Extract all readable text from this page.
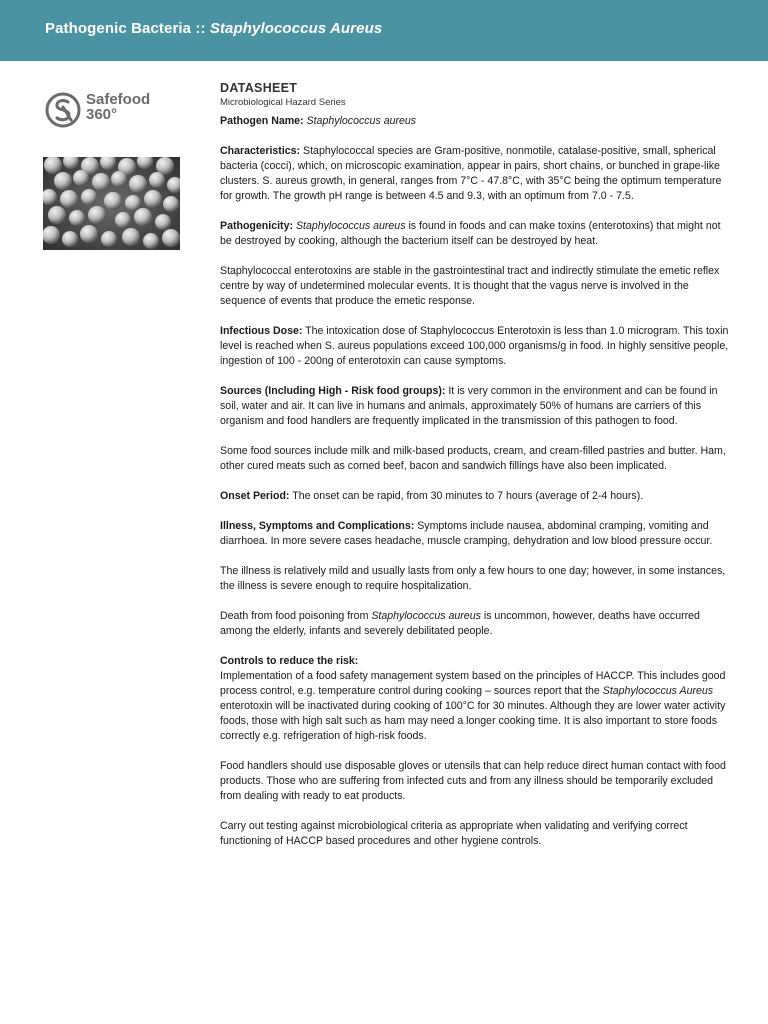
Pathogenic Bacteria :: Staphylococcus Aureus
Safefood
360°
DATASHEET
Microbiological Hazard Series

Pathogen Name: Staphylococcus aureus

Characteristics: Staphylococcal species are Gram-positive, nonmotile, catalase-positive, small, spherical bacteria (cocci), which, on microscopic examination, appear in pairs, short chains, or bunched in grape-like clusters. S. aureus growth, in general, ranges from 7°C - 47.8°C, with 35°C being the optimum temperature for growth. The growth pH range is between 4.5 and 9.3, with an optimum from 7.0 - 7.5.

Pathogenicity: Staphylococcus aureus is found in foods and can make toxins (enterotoxins) that might not be destroyed by cooking, although the bacterium itself can be destroyed by heat.

Staphylococcal enterotoxins are stable in the gastrointestinal tract and indirectly stimulate the emetic reflex centre by way of undetermined molecular events. It is thought that the vagus nerve is involved in the sequence of events that produce the emetic response.

Infectious Dose: The intoxication dose of Staphylococcus Enterotoxin is less than 1.0 microgram. This toxin level is reached when S. aureus populations exceed 100,000 organisms/g in food. In highly sensitive people, ingestion of 100 - 200ng of enterotoxin can cause symptoms.

Sources (Including High - Risk food groups): It is very common in the environment and can be found in soil, water and air. It can live in humans and animals, approximately 50% of humans are carriers of this organism and food handlers are frequently implicated in the transmission of this pathogen to food.

Some food sources include milk and milk-based products, cream, and cream-filled pastries and butter. Ham, other cured meats such as corned beef, bacon and sandwich fillings have also been implicated.

Onset Period: The onset can be rapid, from 30 minutes to 7 hours (average of 2-4 hours).

Illness, Symptoms and Complications: Symptoms include nausea, abdominal cramping, vomiting and diarrhoea. In more severe cases headache, muscle cramping, dehydration and low blood pressure occur.

The illness is relatively mild and usually lasts from only a few hours to one day; however, in some instances, the illness is severe enough to require hospitalization.

Death from food poisoning from Staphylococcus aureus is uncommon, however, deaths have occurred among the elderly, infants and severely debilitated people.

Controls to reduce the risk:

Implementation of a food safety management system based on the principles of HACCP. This includes good process control, e.g. temperature control during cooking – sources report that the Staphylococcus Aureus enterotoxin will be inactivated during cooking of 100°C for 30 minutes. Although they are lower water activity foods, those with high salt such as ham may need a longer cooking time. It is also important to store foods correctly e.g. refrigeration of high-risk foods.

Food handlers should use disposable gloves or utensils that can help reduce direct human contact with food products. Those who are suffering from infected cuts and from any illness should be temporarily excluded from dealing with ready to eat products.

Carry out testing against microbiological criteria as appropriate when validating and verifying correct functioning of HACCP based procedures and other hygiene controls.
